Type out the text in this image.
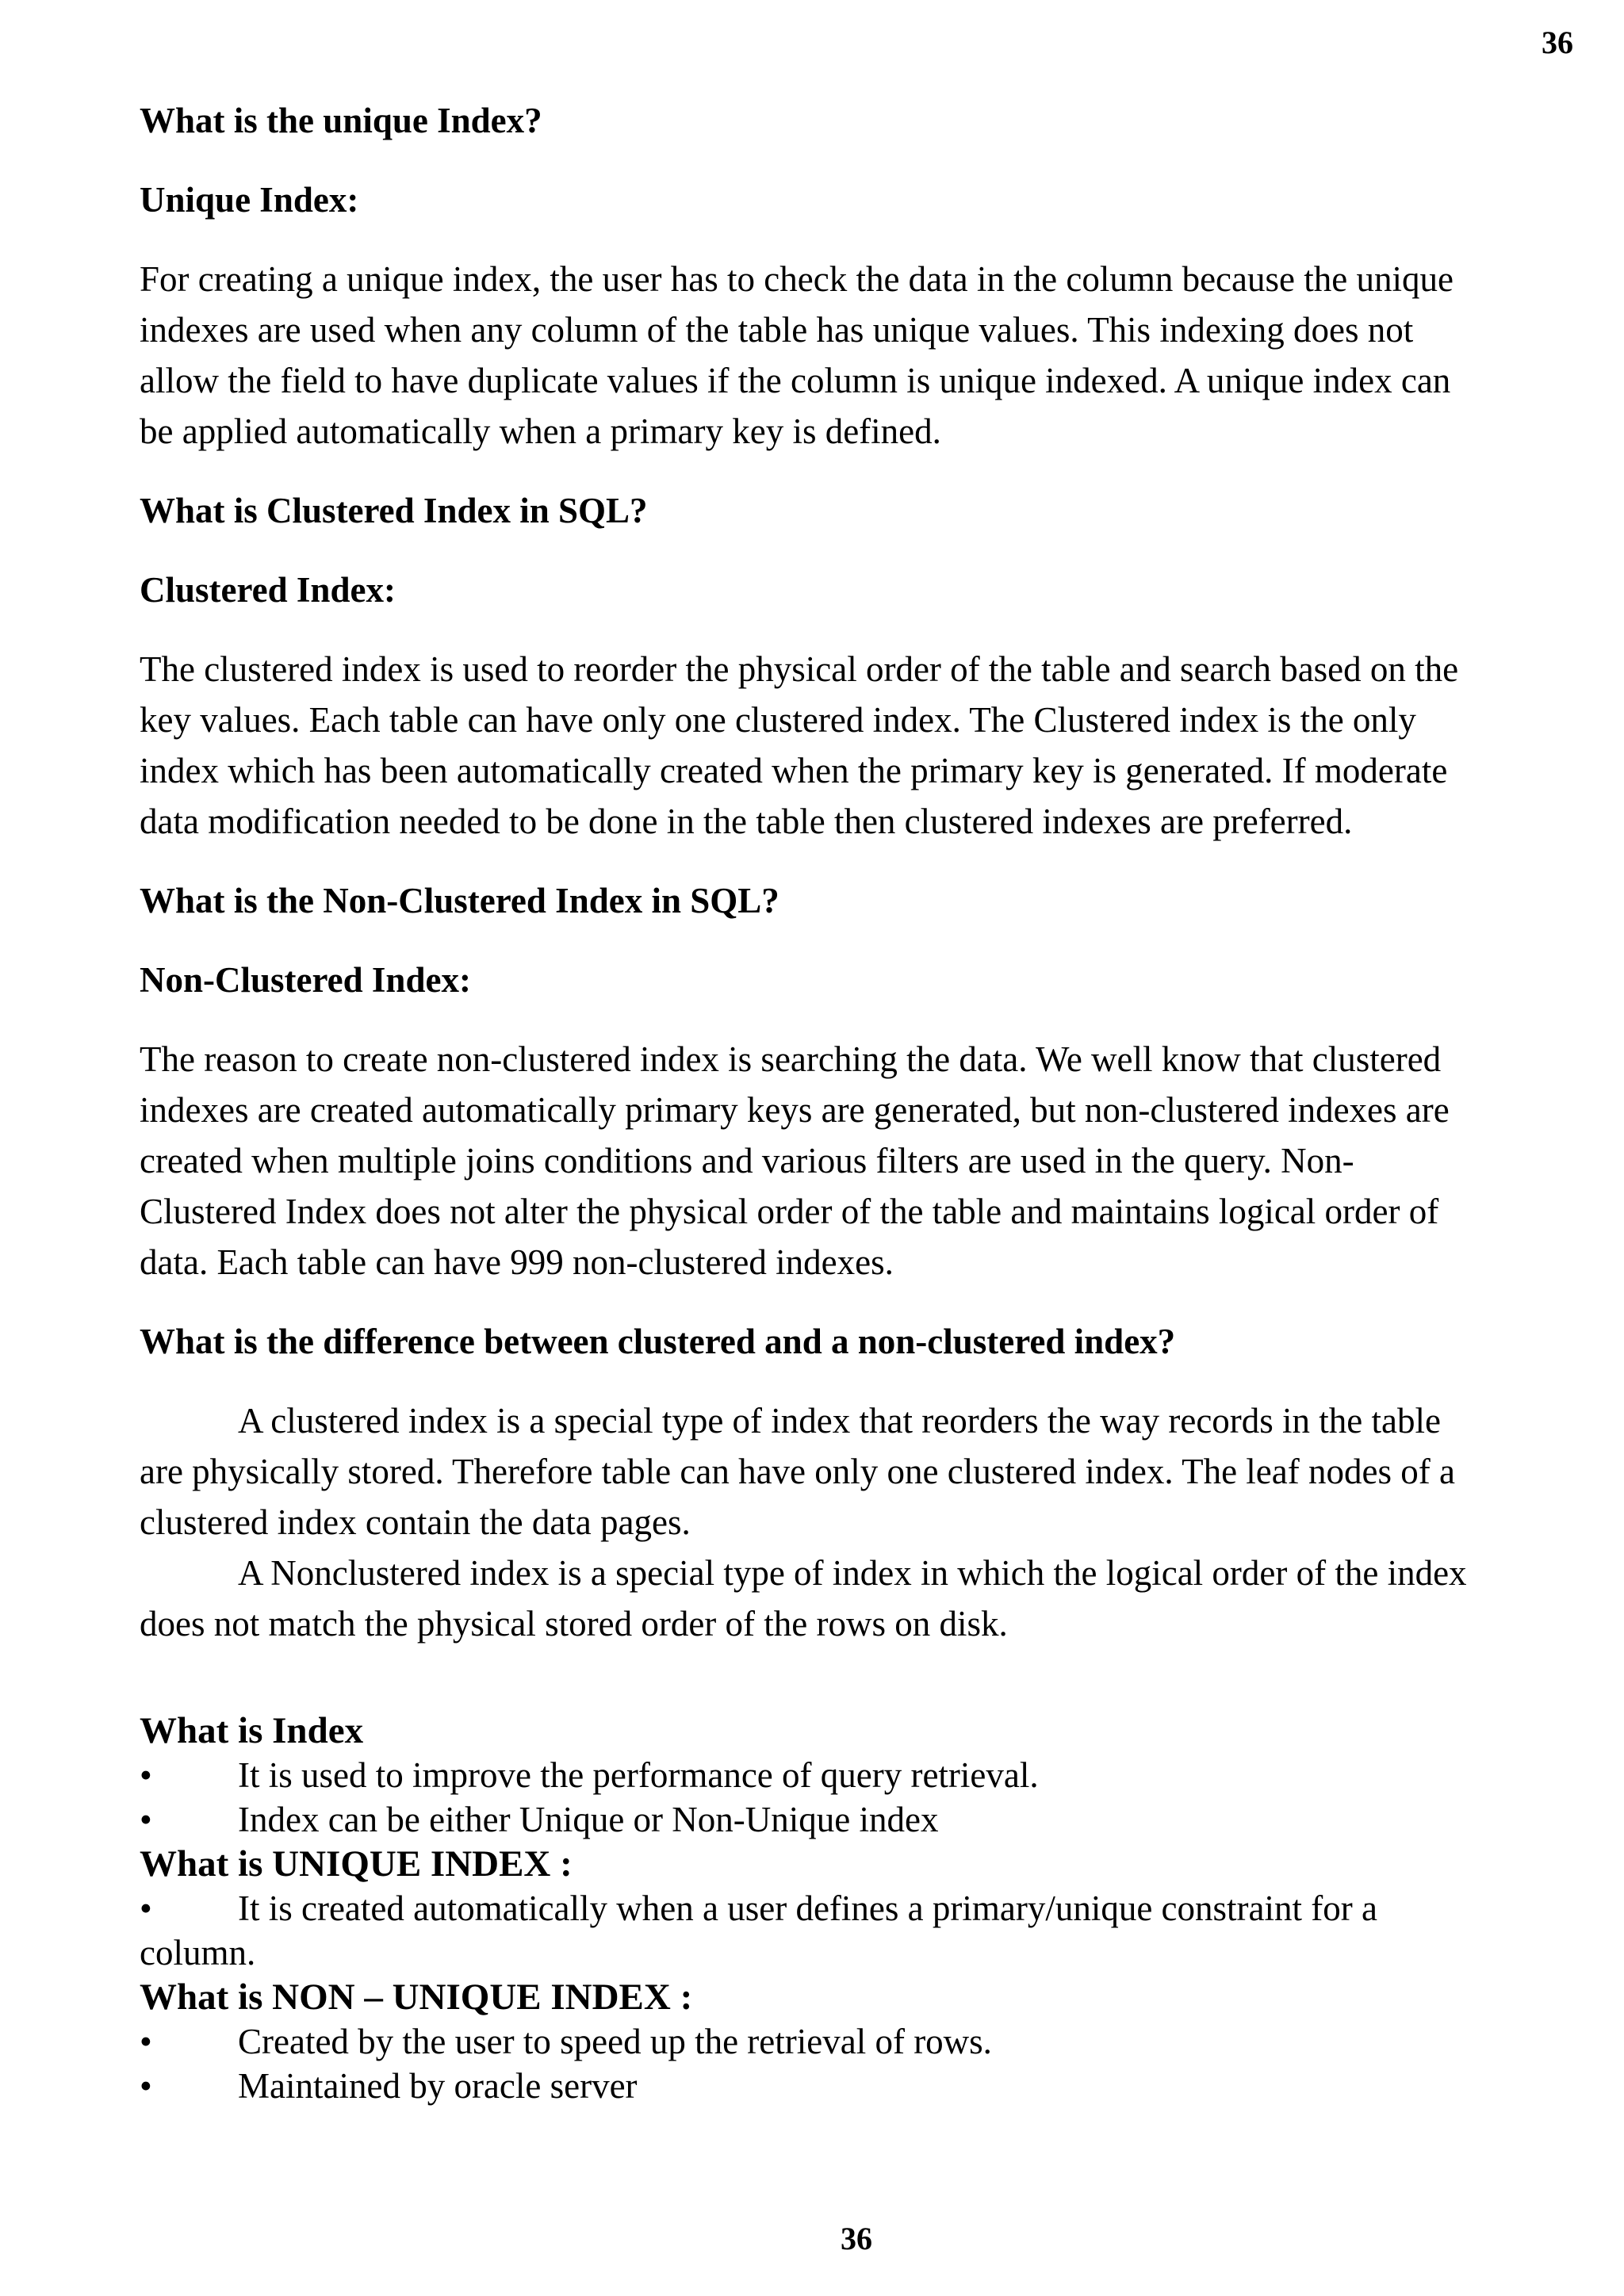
36
What is the unique Index?
Unique Index:
For creating a unique index, the user has to check the data in the column because the unique
indexes are used when any column of the table has unique values. This indexing does not
allow the field to have duplicate values if the column is unique indexed. A unique index can
be applied automatically when a primary key is defined.
What is Clustered Index in SQL?
Clustered Index:
The clustered index is used to reorder the physical order of the table and search based on the
key values. Each table can have only one clustered index. The Clustered index is the only
index which has been automatically created when the primary key is generated. If moderate
data modification needed to be done in the table then clustered indexes are preferred.
What is the Non-Clustered Index in SQL?
Non-Clustered Index:
The reason to create non-clustered index is searching the data. We well know that clustered
indexes are created automatically primary keys are generated, but non-clustered indexes are
created when multiple joins conditions and various filters are used in the query. Non-
Clustered Index does not alter the physical order of the table and maintains logical order of
data. Each table can have 999 non-clustered indexes.
What is the difference between clustered and a non-clustered index?
A clustered index is a special type of index that reorders the way records in the table
are physically stored. Therefore table can have only one clustered index. The leaf nodes of a
clustered index contain the data pages.
A Nonclustered index is a special type of index in which the logical order of the index
does not match the physical stored order of the rows on disk.
What is Index
•	It is used to improve the performance of query retrieval.
•	Index can be either Unique or Non-Unique index
What is UNIQUE INDEX :
•	It is created automatically when a user defines a primary/unique constraint for a
column.
What is NON – UNIQUE INDEX :
•	Created by the user to speed up the retrieval of rows.
•	Maintained by oracle server
36
